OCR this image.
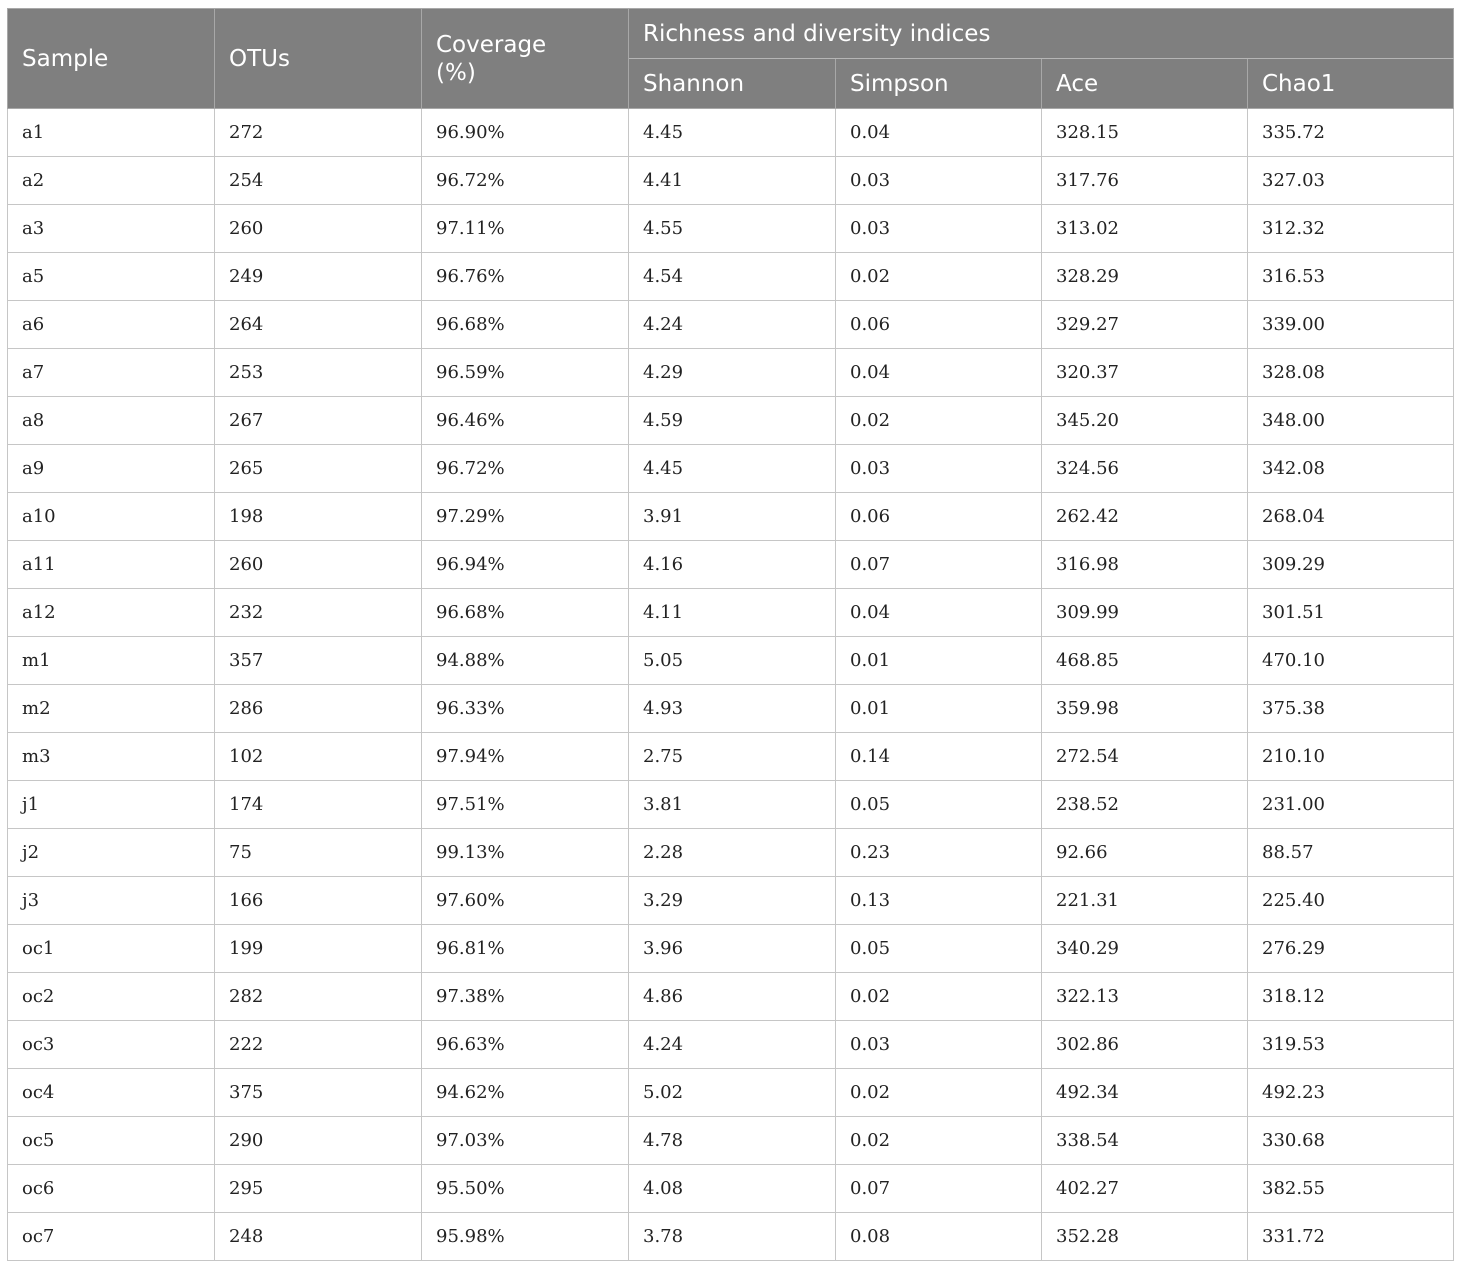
Sample	OTUs	Coverage (%)	Richness and diversity indices			
			Shannon	Simpson	Ace	Chao1
a1	272	96.90%	4.45	0.04	328.15	335.72
a2	254	96.72%	4.41	0.03	317.76	327.03
a3	260	97.11%	4.55	0.03	313.02	312.32
a5	249	96.76%	4.54	0.02	328.29	316.53
a6	264	96.68%	4.24	0.06	329.27	339.00
a7	253	96.59%	4.29	0.04	320.37	328.08
a8	267	96.46%	4.59	0.02	345.20	348.00
a9	265	96.72%	4.45	0.03	324.56	342.08
a10	198	97.29%	3.91	0.06	262.42	268.04
a11	260	96.94%	4.16	0.07	316.98	309.29
a12	232	96.68%	4.11	0.04	309.99	301.51
m1	357	94.88%	5.05	0.01	468.85	470.10
m2	286	96.33%	4.93	0.01	359.98	375.38
m3	102	97.94%	2.75	0.14	272.54	210.10
j1	174	97.51%	3.81	0.05	238.52	231.00
j2	75	99.13%	2.28	0.23	92.66	88.57
j3	166	97.60%	3.29	0.13	221.31	225.40
oc1	199	96.81%	3.96	0.05	340.29	276.29
oc2	282	97.38%	4.86	0.02	322.13	318.12
oc3	222	96.63%	4.24	0.03	302.86	319.53
oc4	375	94.62%	5.02	0.02	492.34	492.23
oc5	290	97.03%	4.78	0.02	338.54	330.68
oc6	295	95.50%	4.08	0.07	402.27	382.55
oc7	248	95.98%	3.78	0.08	352.28	331.72
